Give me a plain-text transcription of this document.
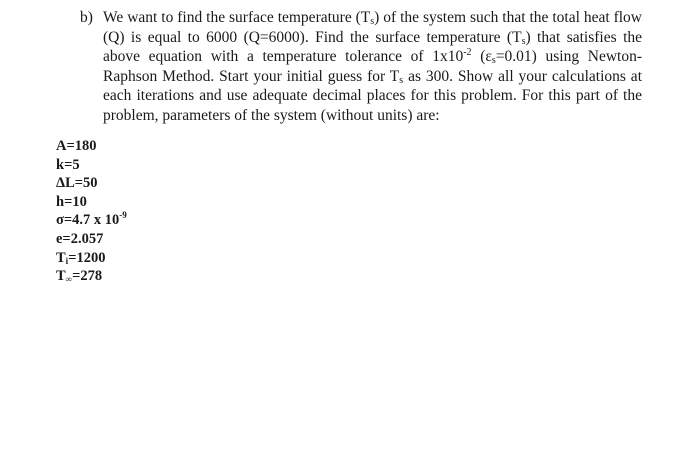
b) We want to find the surface temperature $(T_s)$ of the system such that the total heat flow (Q) is equal to 6000 (Q=6000). Find the surface temperature $(T_s)$ that satisfies the above equation with a temperature tolerance of $1x10^{-2}$ $(\varepsilon_s=0.01)$ using Newton-Raphson Method. Start your initial guess for $T_s$ as 300. Show all your calculations at each iterations and use adequate decimal places for this problem. For this part of the problem, parameters of the system (without units) are:
A=180
k=5
ΔL=50
h=10
σ=4.7 x $10^{-9}$
e=2.057
$T_i=1200$
$T_\infty=278$
